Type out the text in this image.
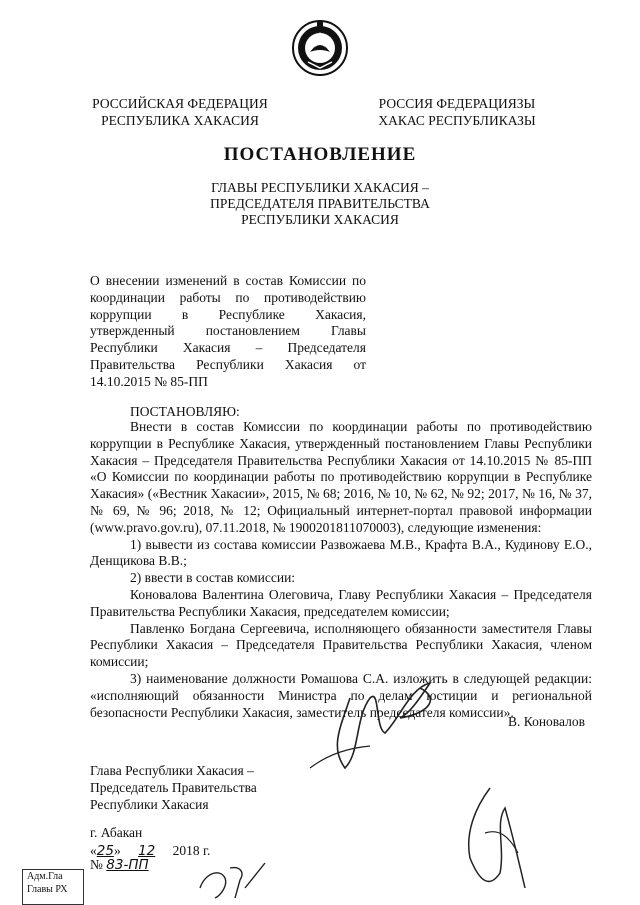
РОССИЙСКАЯ ФЕДЕРАЦИЯ
РЕСПУБЛИКА ХАКАСИЯ
РОССИЯ ФЕДЕРАЦИЯЗЫ
ХАКАС РЕСПУБЛИКАЗЫ
ПОСТАНОВЛЕНИЕ
ГЛАВЫ РЕСПУБЛИКИ ХАКАСИЯ –
ПРЕДСЕДАТЕЛЯ ПРАВИТЕЛЬСТВА
РЕСПУБЛИКИ ХАКАСИЯ
О внесении изменений в состав Комиссии по координации работы по противодействию коррупции в Республике Хакасия, утвержденный постановлением Главы Республики Хакасия – Председателя Правительства Республики Хакасия от 14.10.2015 № 85-ПП
ПОСТАНОВЛЯЮ:

Внести в состав Комиссии по координации работы по противодействию коррупции в Республике Хакасия, утвержденный постановлением Главы Республики Хакасия – Председателя Правительства Республики Хакасия от 14.10.2015 № 85-ПП «О Комиссии по координации работы по противодействию коррупции в Республике Хакасия» («Вестник Хакасии», 2015, № 68; 2016, № 10, № 62, № 92; 2017, № 16, № 37, № 69, № 96; 2018, № 12; Официальный интернет-портал правовой информации (www.pravo.gov.ru), 07.11.2018, № 1900201811070003), следующие изменения:

1) вывести из состава комиссии Развожаева М.В., Крафта В.А., Кудинову Е.О., Денщикова В.В.;

2) ввести в состав комиссии:

Коновалова Валентина Олеговича, Главу Республики Хакасия – Председателя Правительства Республики Хакасия, председателем комиссии;

Павленко Богдана Сергеевича, исполняющего обязанности заместителя Главы Республики Хакасия – Председателя Правительства Республики Хакасия, членом комиссии;

3) наименование должности Ромашова С.А. изложить в следующей редакции: «исполняющий обязанности Министра по делам юстиции и региональной безопасности Республики Хакасия, заместитель председателя комиссии».

Глава Республики Хакасия –
Председатель Правительства
Республики Хакасия
В. Коновалов
г. Абакан
«25» 12 2018 г.
№ 83-ПП
Адм.Гла
Главы РХ
